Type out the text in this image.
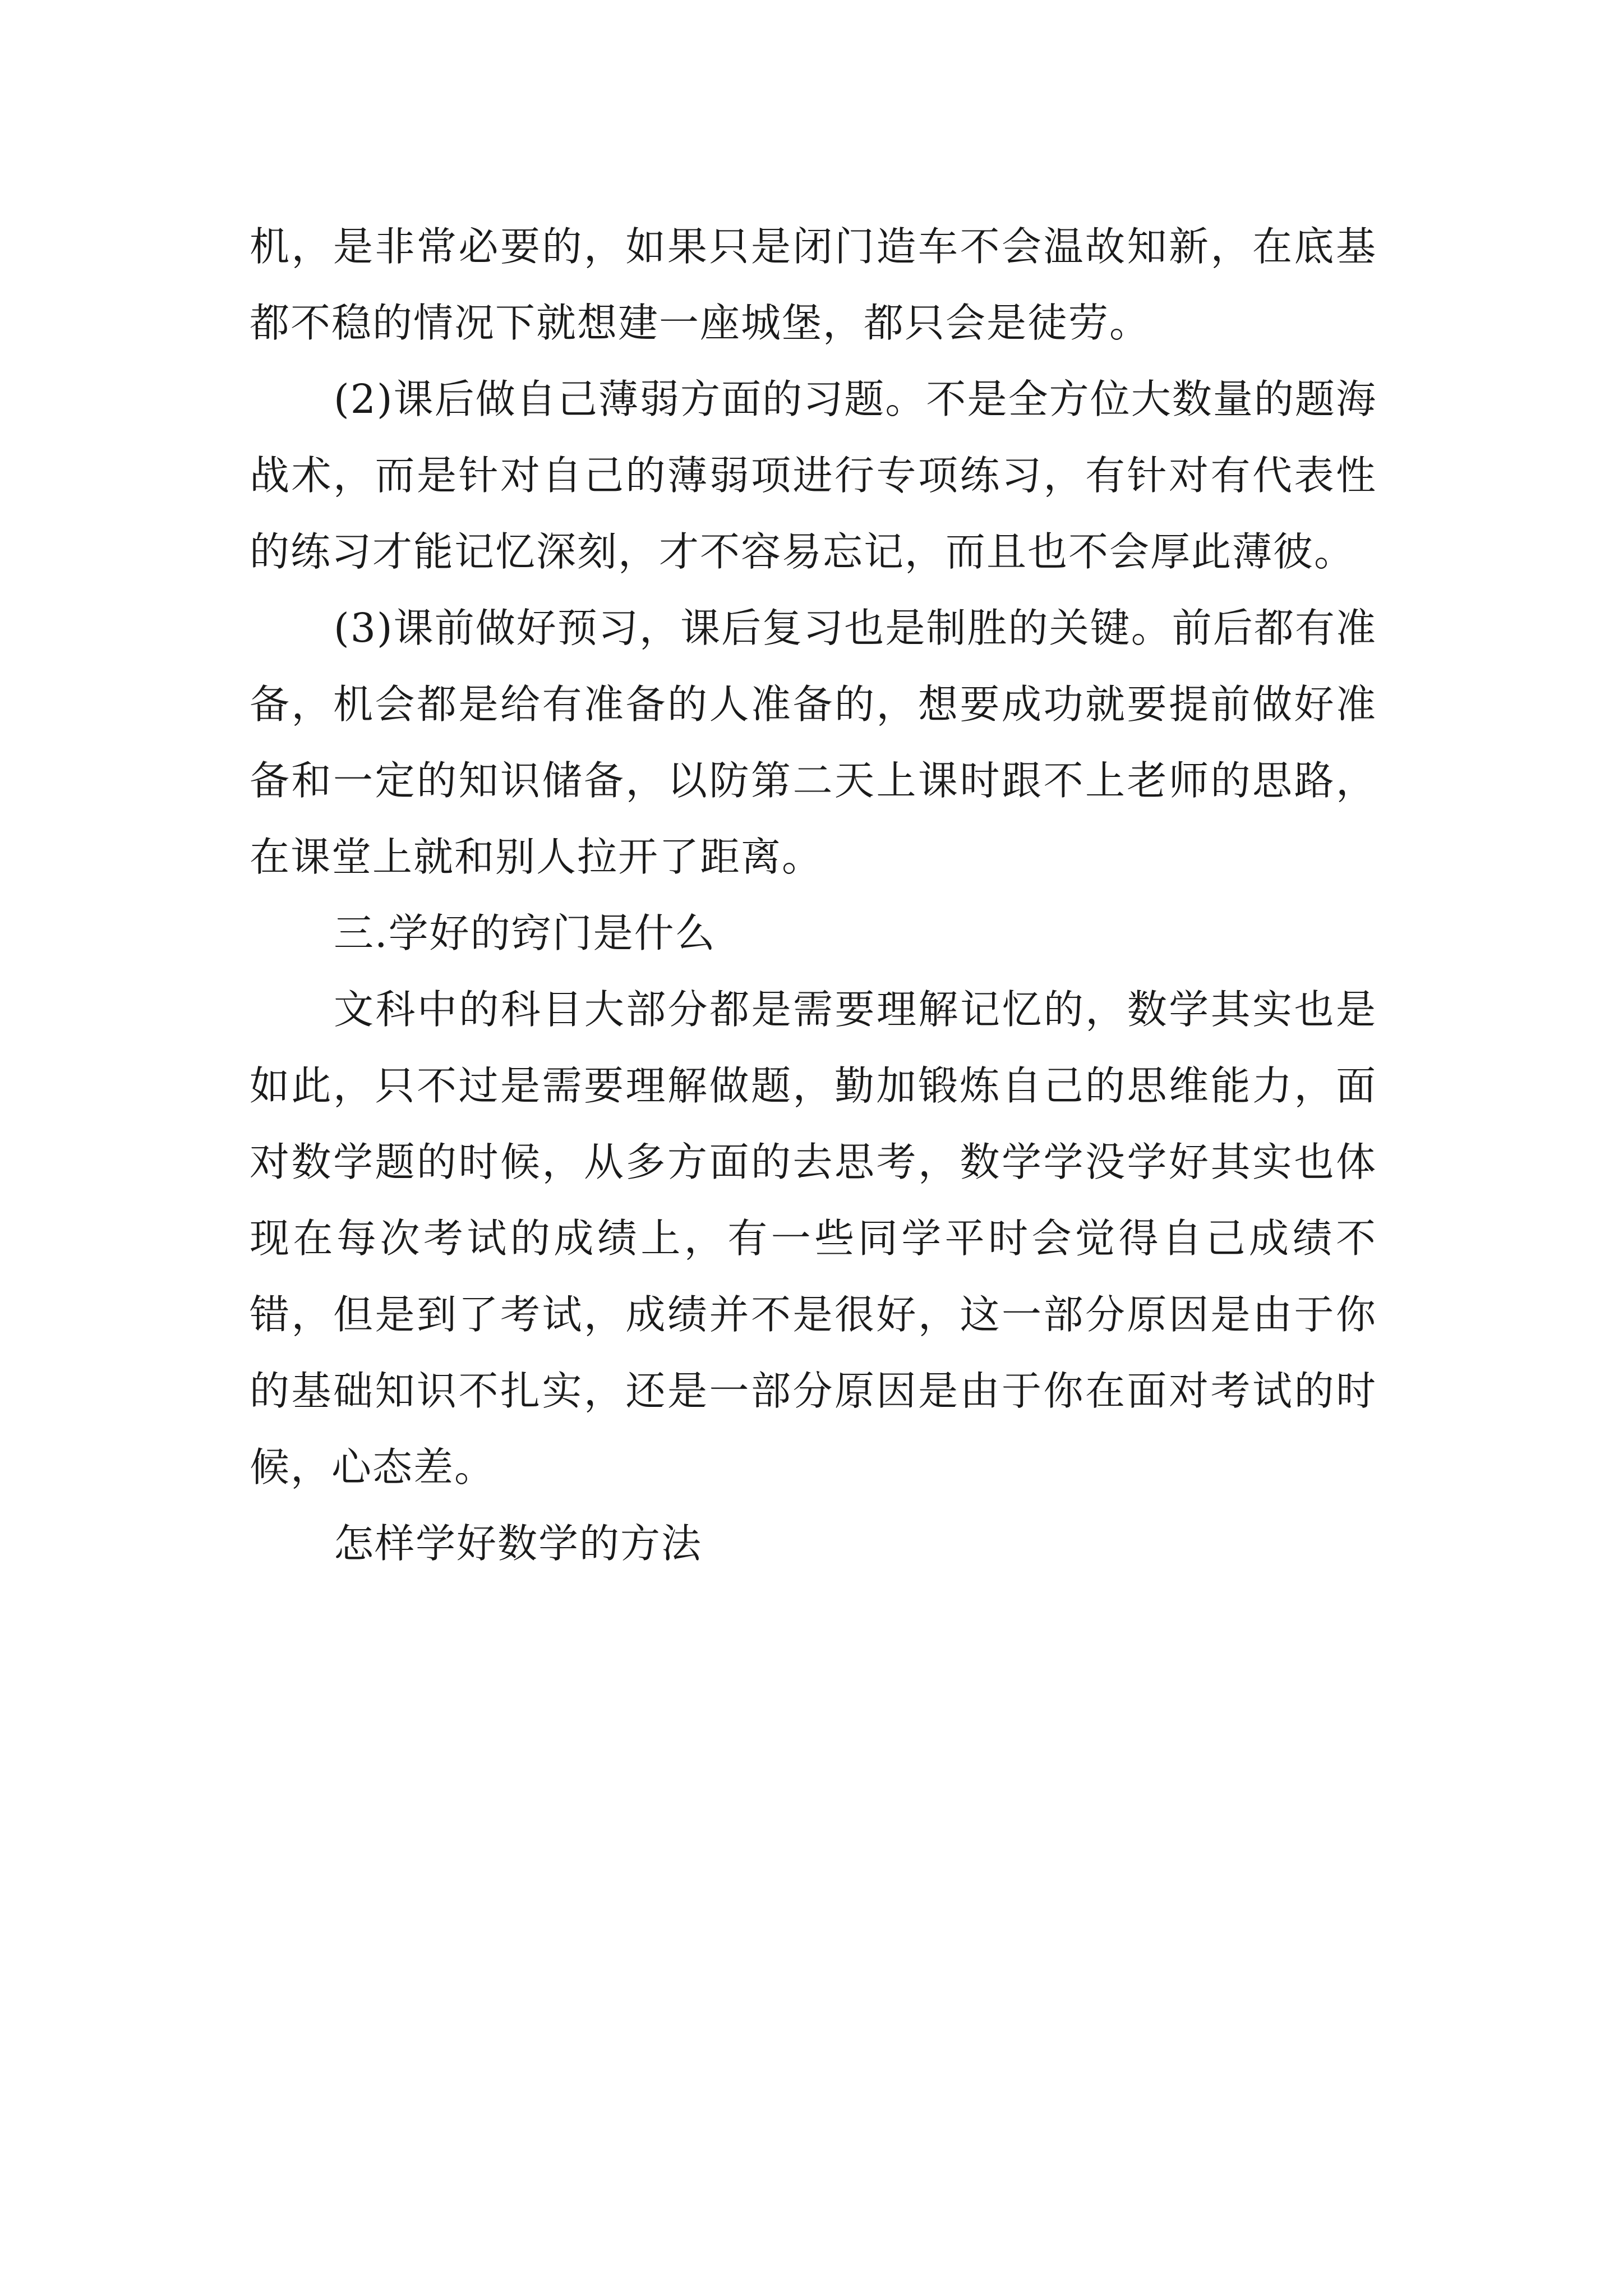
机，是非常必要的，如果只是闭门造车不会温故知新，在底基都不稳的情况下就想建一座城堡，都只会是徒劳。

(2)课后做自己薄弱方面的习题。不是全方位大数量的题海战术，而是针对自己的薄弱项进行专项练习，有针对有代表性的练习才能记忆深刻，才不容易忘记，而且也不会厚此薄彼。

(3)课前做好预习，课后复习也是制胜的关键。前后都有准备，机会都是给有准备的人准备的，想要成功就要提前做好准备和一定的知识储备，以防第二天上课时跟不上老师的思路，在课堂上就和别人拉开了距离。

三.学好的窍门是什么

文科中的科目大部分都是需要理解记忆的，数学其实也是如此，只不过是需要理解做题，勤加锻炼自己的思维能力，面对数学题的时候，从多方面的去思考，数学学没学好其实也体现在每次考试的成绩上，有一些同学平时会觉得自己成绩不错，但是到了考试，成绩并不是很好，这一部分原因是由于你的基础知识不扎实，还是一部分原因是由于你在面对考试的时候，心态差。

怎样学好数学的方法
